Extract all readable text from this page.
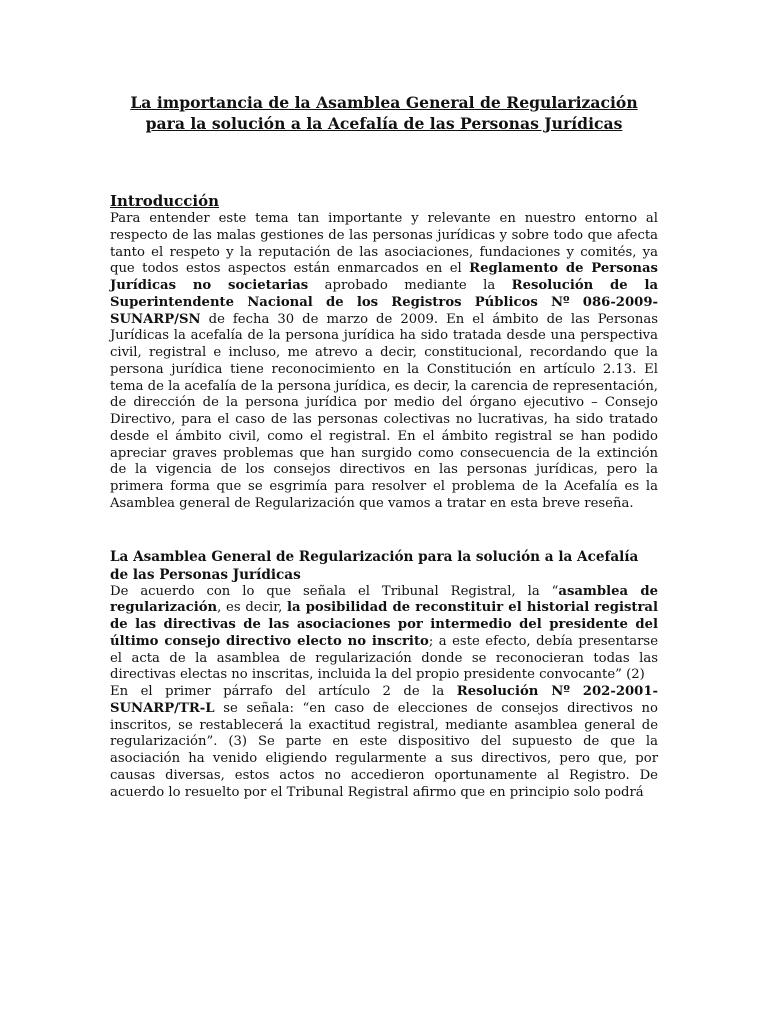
La importancia de la Asamblea General de Regularización
para la solución a la Acefalía de las Personas Jurídicas
Introducción

Para entender este tema tan importante y relevante en nuestro entorno al respecto de las malas gestiones de las personas jurídicas y sobre todo que afecta tanto el respeto y la reputación de las asociaciones, fundaciones y comités, ya que todos estos aspectos están enmarcados en el Reglamento de Personas Jurídicas no societarias aprobado mediante la Resolución de la Superintendente Nacional de los Registros Públicos Nº 086-2009-SUNARP/SN de fecha 30 de marzo de 2009. En el ámbito de las Personas Jurídicas la acefalía de la persona jurídica ha sido tratada desde una perspectiva civil, registral e incluso, me atrevo a decir, constitucional, recordando que la persona jurídica tiene reconocimiento en la Constitución en artículo 2.13. El tema de la acefalía de la persona jurídica, es decir, la carencia de representación, de dirección de la persona jurídica por medio del órgano ejecutivo – Consejo Directivo, para el caso de las personas colectivas no lucrativas, ha sido tratado desde el ámbito civil, como el registral. En el ámbito registral se han podido apreciar graves problemas que han surgido como consecuencia de la extinción de la vigencia de los consejos directivos en las personas jurídicas, pero la primera forma que se esgrimía para resolver el problema de la Acefalía es la Asamblea general de Regularización que vamos a tratar en esta breve reseña.

La Asamblea General de Regularización para la solución a la Acefalía de las Personas Jurídicas

De acuerdo con lo que señala el Tribunal Registral, la “asamblea de regularización, es decir, la posibilidad de reconstituir el historial registral de las directivas de las asociaciones por intermedio del presidente del último consejo directivo electo no inscrito; a este efecto, debía presentarse el acta de la asamblea de regularización donde se reconocieran todas las directivas electas no inscritas, incluida la del propio presidente convocante” (2)

En el primer párrafo del artículo 2 de la Resolución Nº 202-2001-SUNARP/TR-L se señala: “en caso de elecciones de consejos directivos no inscritos, se restablecerá la exactitud registral, mediante asamblea general de regularización”. (3) Se parte en este dispositivo del supuesto de que la asociación ha venido eligiendo regularmente a sus directivos, pero que, por causas diversas, estos actos no accedieron oportunamente al Registro. De acuerdo lo resuelto por el Tribunal Registral afirmo que en principio solo podrá
